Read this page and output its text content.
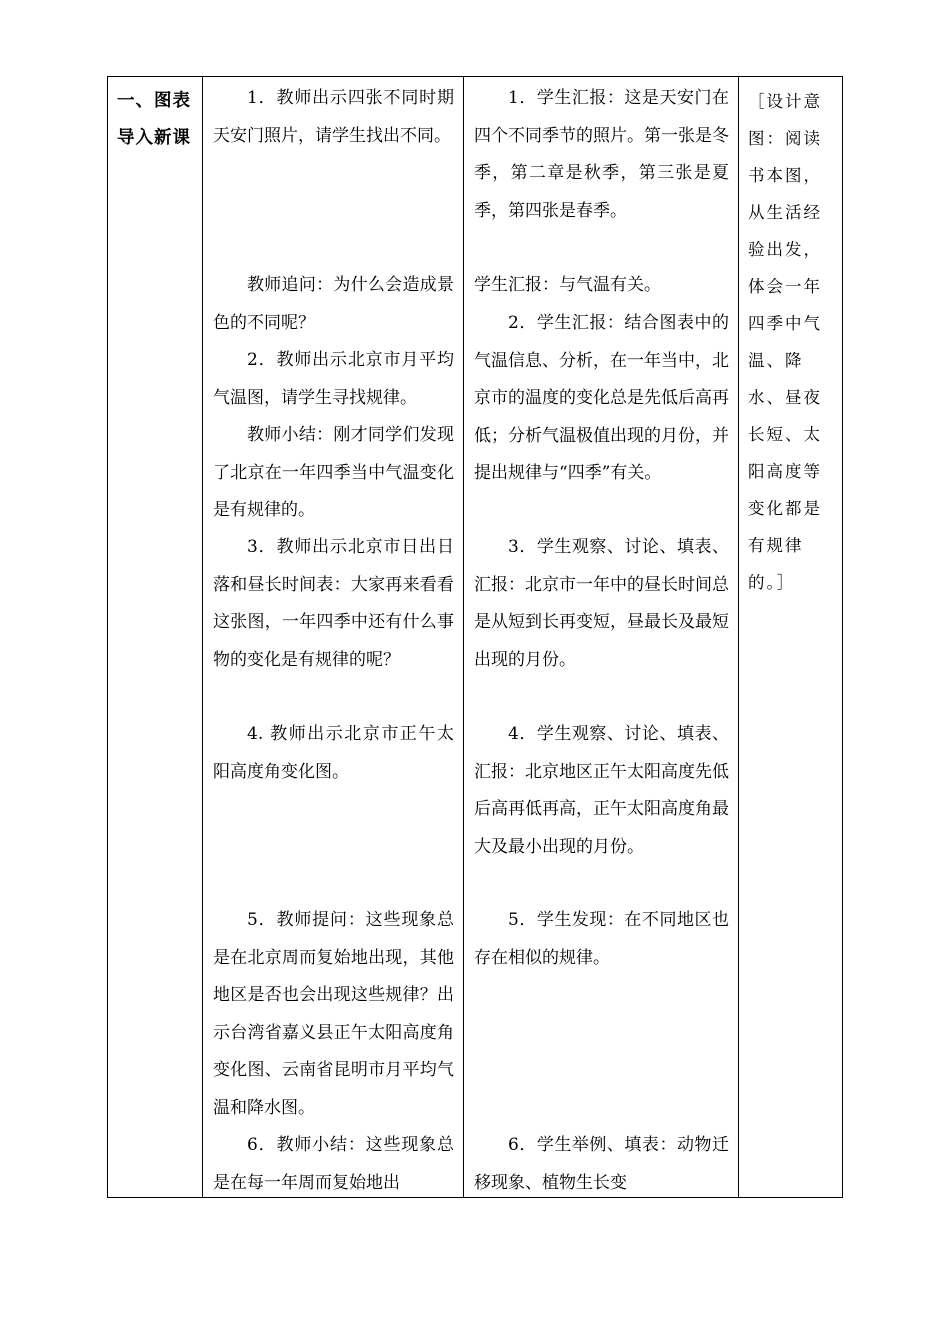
一、图表导入新课
1．教师出示四张不同时期天安门照片，请学生找出不同。
教师追问：为什么会造成景色的不同呢？
2．教师出示北京市月平均气温图，请学生寻找规律。
教师小结：刚才同学们发现了北京在一年四季当中气温变化是有规律的。
3．教师出示北京市日出日落和昼长时间表：大家再来看看这张图，一年四季中还有什么事物的变化是有规律的呢？
4. 教师出示北京市正午太阳高度角变化图。
5．教师提问：这些现象总是在北京周而复始地出现，其他地区是否也会出现这些规律？出示台湾省嘉义县正午太阳高度角变化图、云南省昆明市月平均气温和降水图。
6．教师小结：这些现象总是在每一年周而复始地出
1．学生汇报：这是天安门在四个不同季节的照片。第一张是冬季，第二章是秋季，第三张是夏季，第四张是春季。
学生汇报：与气温有关。
2．学生汇报：结合图表中的气温信息、分析，在一年当中，北京市的温度的变化总是先低后高再低；分析气温极值出现的月份，并提出规律与“四季”有关。
3．学生观察、讨论、填表、汇报：北京市一年中的昼长时间总是从短到长再变短，昼最长及最短出现的月份。
4．学生观察、讨论、填表、汇报：北京地区正午太阳高度先低后高再低再高，正午太阳高度角最大及最小出现的月份。
5．学生发现：在不同地区也存在相似的规律。
6．学生举例、填表：动物迁移现象、植物生长变
［设计意图：阅读书本图，从生活经验出发，体会一年四季中气温、降水、昼夜长短、太阳高度等变化都是有规律的。］
